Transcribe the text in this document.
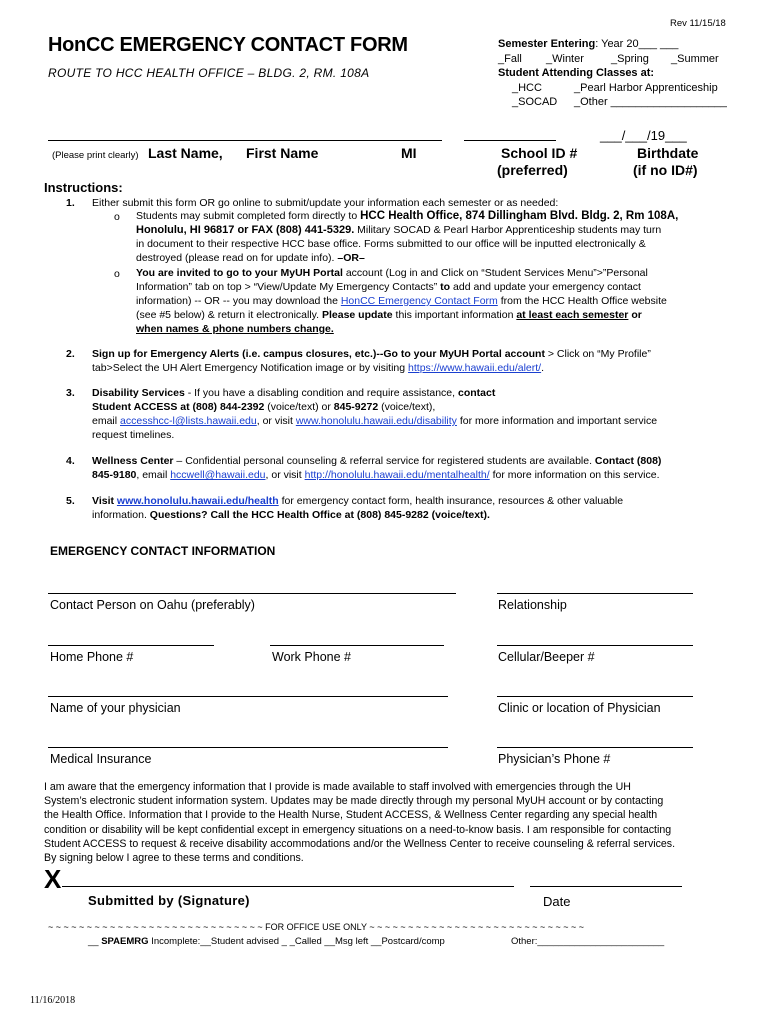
Rev 11/15/18
HonCC EMERGENCY CONTACT FORM
ROUTE TO HCC HEALTH OFFICE – BLDG. 2, RM. 108A
Semester Entering: Year 20___ ___
_Fall _Winter _Spring _Summer
Student Attending Classes at:
_HCC	_Pearl Harbor Apprenticeship
_SOCAD _Other ___________________
___/___/19___
(Please print clearly) Last Name, First Name	MI	School ID #
(preferred)
Birthdate
(if no ID#)
Instructions:
1. Either submit this form OR go online to submit/update your information each semester or as needed:
o Students may submit completed form directly to HCC Health Office, 874 Dillingham Blvd. Bldg. 2, Rm 108A,
Honolulu, HI 96817 or FAX (808) 441-5329. Military SOCAD & Pearl Harbor Apprenticeship students may turn
in document to their respective HCC base office. Forms submitted to our office will be inputted electronically &
destroyed (please read on for update info). –OR–
o You are invited to go to your MyUH Portal account (Log in and Click on “Student Services Menu”>”Personal
Information” tab on top > “View/Update My Emergency Contacts” to add and update your emergency contact
information) -- OR -- you may download the HonCC Emergency Contact Form from the HCC Health Office website
(see #5 below) & return it electronically. Please update this important information at least each semester or
when names & phone numbers change.
2. Sign up for Emergency Alerts (i.e. campus closures, etc.)--Go to your MyUH Portal account > Click on “My Profile”
tab>Select the UH Alert Emergency Notification image or by visiting https://www.hawaii.edu/alert/.
3. Disability Services - If you have a disabling condition and require assistance, contact
Student ACCESS at (808) 844-2392 (voice/text) or 845-9272 (voice/text),
email accesshcc-l@lists.hawaii.edu, or visit www.honolulu.hawaii.edu/disability for more information and important service
request timelines.
4. Wellness Center – Confidential personal counseling & referral service for registered students are available. Contact (808)
845-9180, email hccwell@hawaii.edu, or visit http://honolulu.hawaii.edu/mentalhealth/ for more information on this service.
5. Visit www.honolulu.hawaii.edu/health for emergency contact form, health insurance, resources & other valuable
information. Questions? Call the HCC Health Office at (808) 845-9282 (voice/text).
EMERGENCY CONTACT INFORMATION
Contact Person on Oahu (preferably)	Relationship
Home Phone #	Work Phone #	Cellular/Beeper #
Name of your physician	Clinic or location of Physician
Medical Insurance	Physician’s Phone #
I am aware that the emergency information that I provide is made available to staff involved with emergencies through the UH
System’s electronic student information system. Updates may be made directly through my personal MyUH account or by contacting
the Health Office. Information that I provide to the Health Nurse, Student ACCESS, & Wellness Center regarding any special health
condition or disability will be kept confidential except in emergency situations on a need-to-know basis. I am responsible for contacting
Student ACCESS to request & receive disability accommodations and/or the Wellness Center to receive counseling & referral services.
By signing below I agree to these terms and conditions.
X
Submitted by (Signature)	Date
~ ~ ~ ~ ~ ~ ~ ~ ~ ~ ~ ~ ~ ~ ~ ~ ~ ~ ~ ~ ~ ~ ~ ~ ~ ~ ~ ~ FOR OFFICE USE ONLY ~ ~ ~ ~ ~ ~ ~ ~ ~ ~ ~ ~ ~ ~ ~ ~ ~ ~ ~ ~ ~ ~ ~ ~ ~ ~ ~ ~
__ SPAEMRG Incomplete:__Student advised _ _Called __Msg left __Postcard/comp	Other:________________________
11/16/2018
